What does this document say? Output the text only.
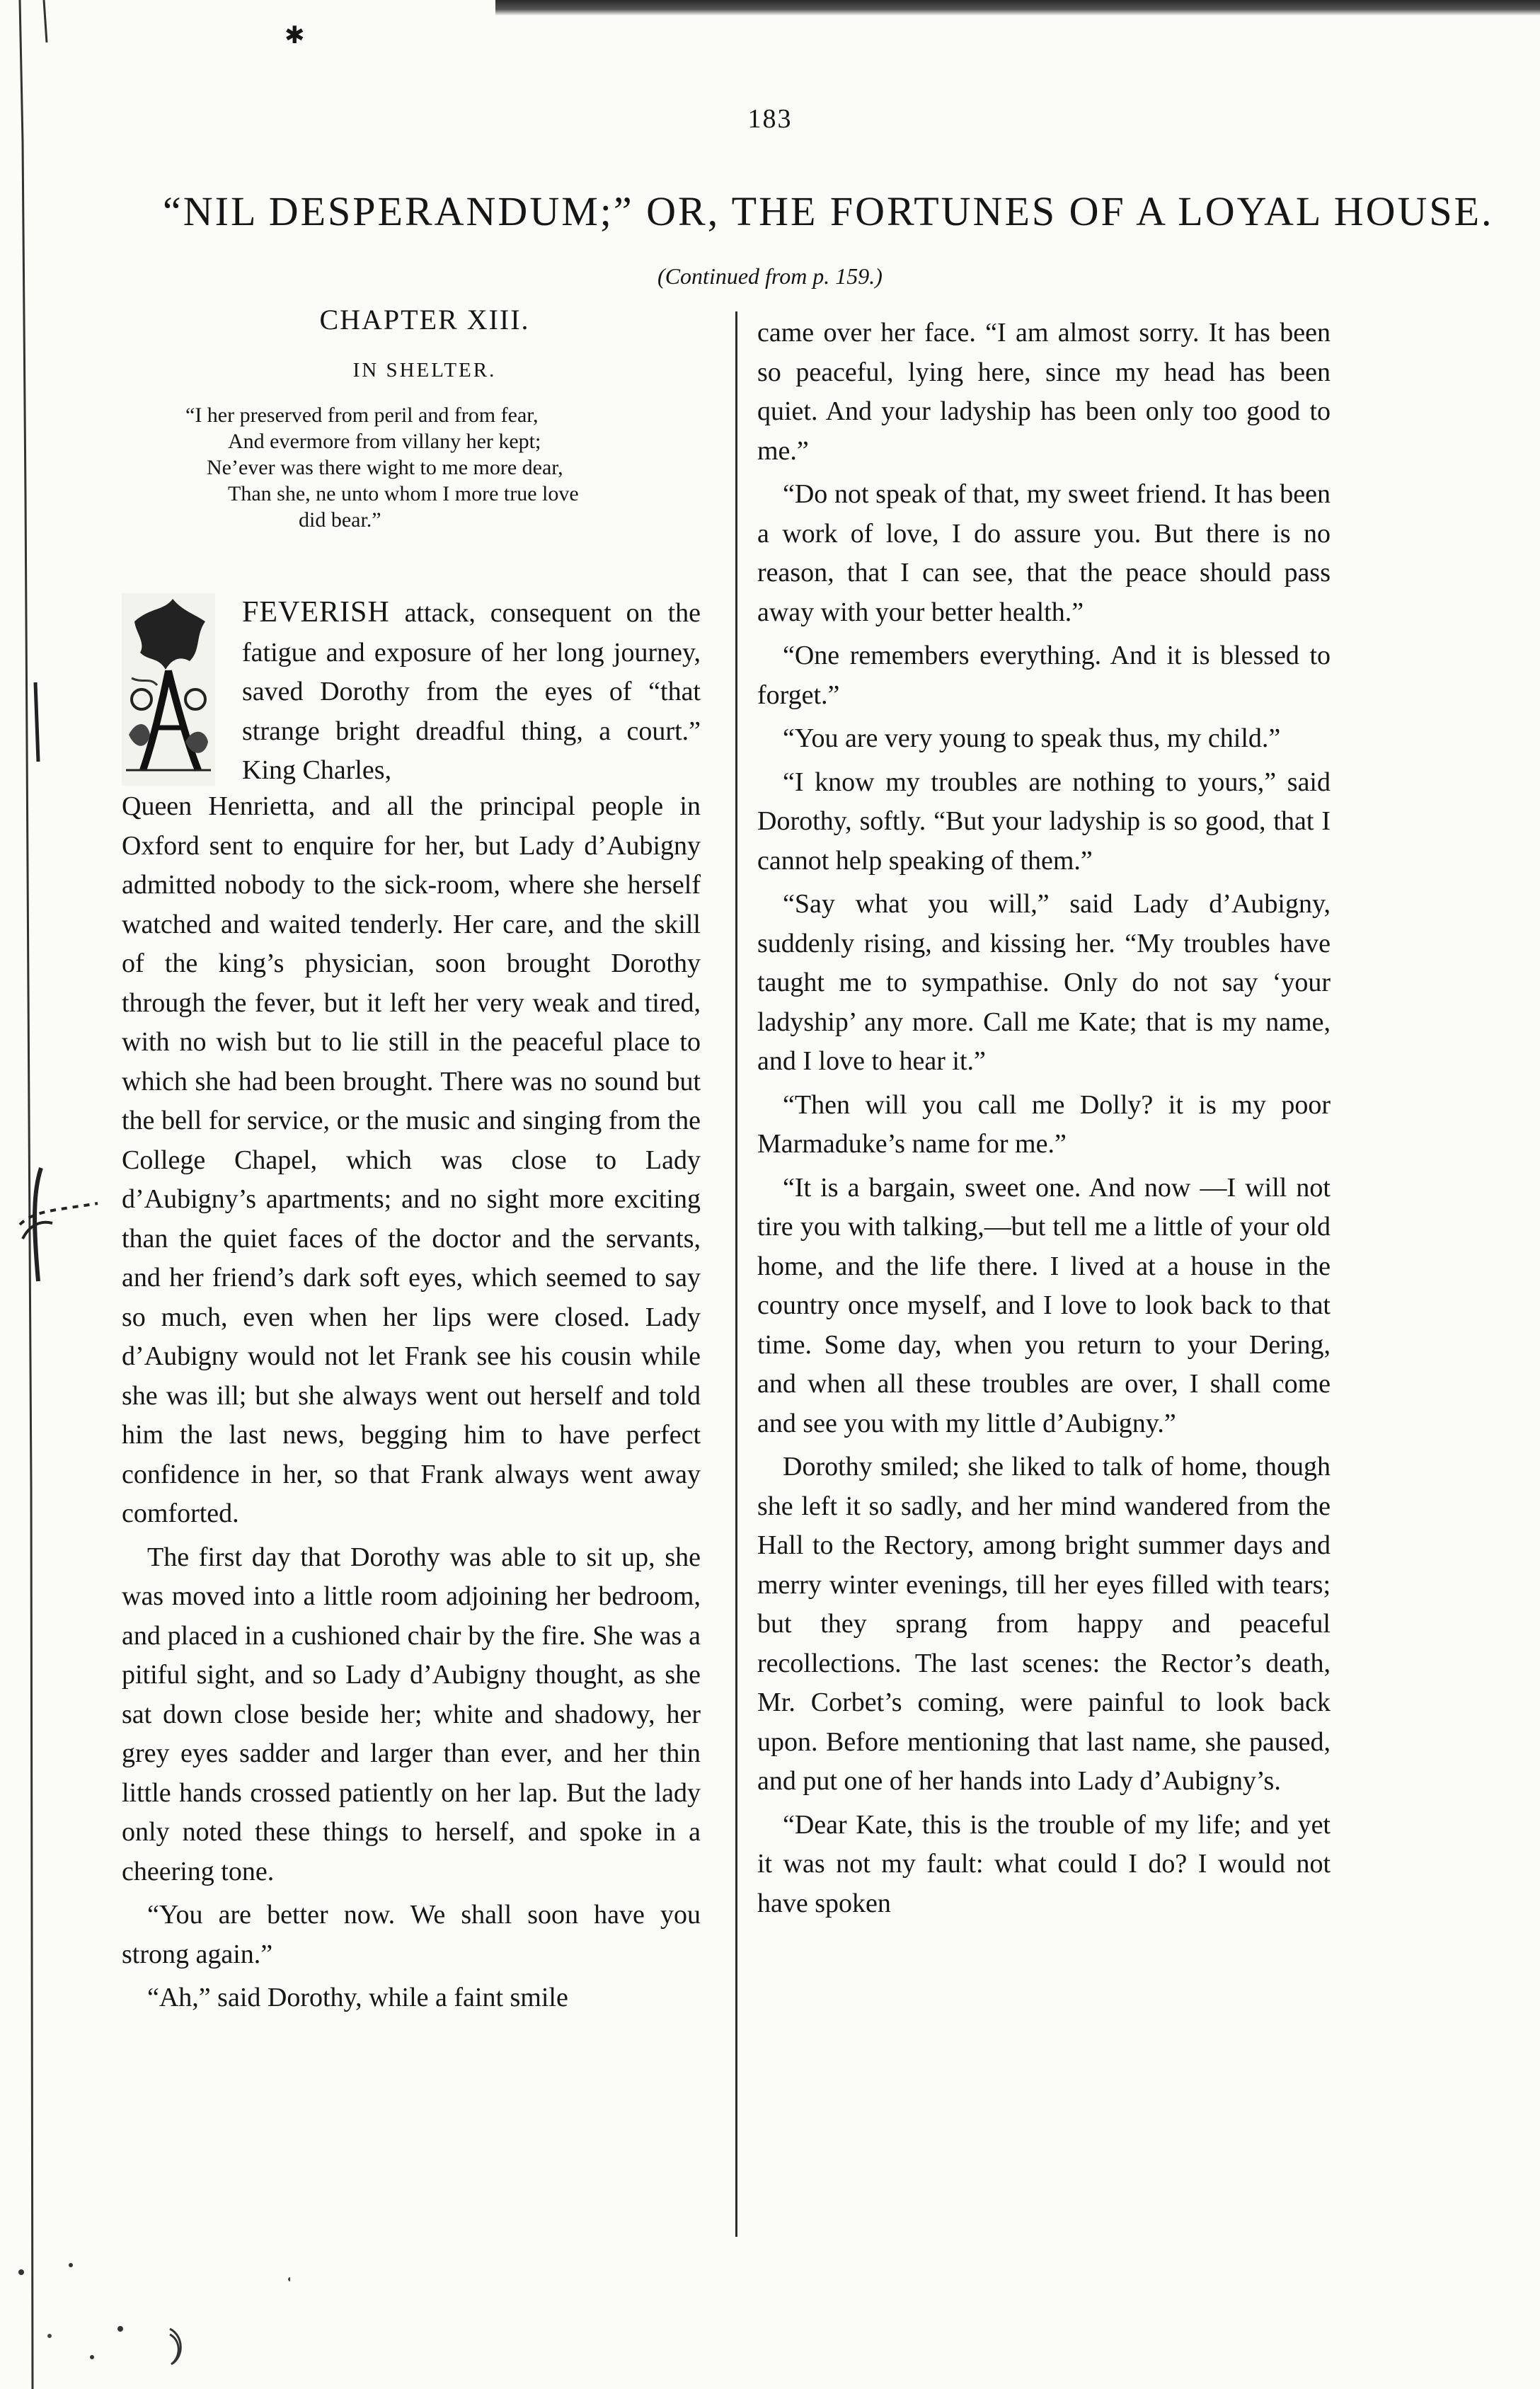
✱
183
“NIL DESPERANDUM;” OR, THE FORTUNES OF A LOYAL HOUSE.
(Continued from p. 159.)
CHAPTER XIII.
IN SHELTER.
“I her preserved from peril and from fear,
And evermore from villany her kept;
Ne’ever was there wight to me more dear,
Than she, ne unto whom I more true love
did bear.”
FEVERISH attack, consequent on the fatigue and exposure of her long journey, saved Dorothy from the eyes of “that strange bright dreadful thing, a court.” King Charles,

Queen Henrietta, and all the principal people in Oxford sent to enquire for her, but Lady d’Aubigny admitted nobody to the sick-room, where she herself watched and waited tenderly. Her care, and the skill of the king’s physician, soon brought Dorothy through the fever, but it left her very weak and tired, with no wish but to lie still in the peaceful place to which she had been brought. There was no sound but the bell for service, or the music and singing from the College Chapel, which was close to Lady d’Aubigny’s apartments; and no sight more exciting than the quiet faces of the doctor and the servants, and her friend’s dark soft eyes, which seemed to say so much, even when her lips were closed. Lady d’Aubigny would not let Frank see his cousin while she was ill; but she always went out herself and told him the last news, begging him to have perfect confidence in her, so that Frank always went away comforted.

The first day that Dorothy was able to sit up, she was moved into a little room adjoining her bedroom, and placed in a cushioned chair by the fire. She was a pitiful sight, and so Lady d’Aubigny thought, as she sat down close beside her; white and shadowy, her grey eyes sadder and larger than ever, and her thin little hands crossed patiently on her lap. But the lady only noted these things to herself, and spoke in a cheering tone.

“You are better now. We shall soon have you strong again.”

“Ah,” said Dorothy, while a faint smile

came over her face. “I am almost sorry. It has been so peaceful, lying here, since my head has been quiet. And your ladyship has been only too good to me.”

“Do not speak of that, my sweet friend. It has been a work of love, I do assure you. But there is no reason, that I can see, that the peace should pass away with your better health.”

“One remembers everything. And it is blessed to forget.”

“You are very young to speak thus, my child.”

“I know my troubles are nothing to yours,” said Dorothy, softly. “But your ladyship is so good, that I cannot help speaking of them.”

“Say what you will,” said Lady d’Aubigny, suddenly rising, and kissing her. “My troubles have taught me to sympathise. Only do not say ‘your ladyship’ any more. Call me Kate; that is my name, and I love to hear it.”

“Then will you call me Dolly? it is my poor Marmaduke’s name for me.”

“It is a bargain, sweet one. And now —I will not tire you with talking,—but tell me a little of your old home, and the life there. I lived at a house in the country once myself, and I love to look back to that time. Some day, when you return to your Dering, and when all these troubles are over, I shall come and see you with my little d’Aubigny.”

Dorothy smiled; she liked to talk of home, though she left it so sadly, and her mind wandered from the Hall to the Rectory, among bright summer days and merry winter evenings, till her eyes filled with tears; but they sprang from happy and peaceful recollections. The last scenes: the Rector’s death, Mr. Corbet’s coming, were painful to look back upon. Before mentioning that last name, she paused, and put one of her hands into Lady d’Aubigny’s.

“Dear Kate, this is the trouble of my life; and yet it was not my fault: what could I do? I would not have spoken
